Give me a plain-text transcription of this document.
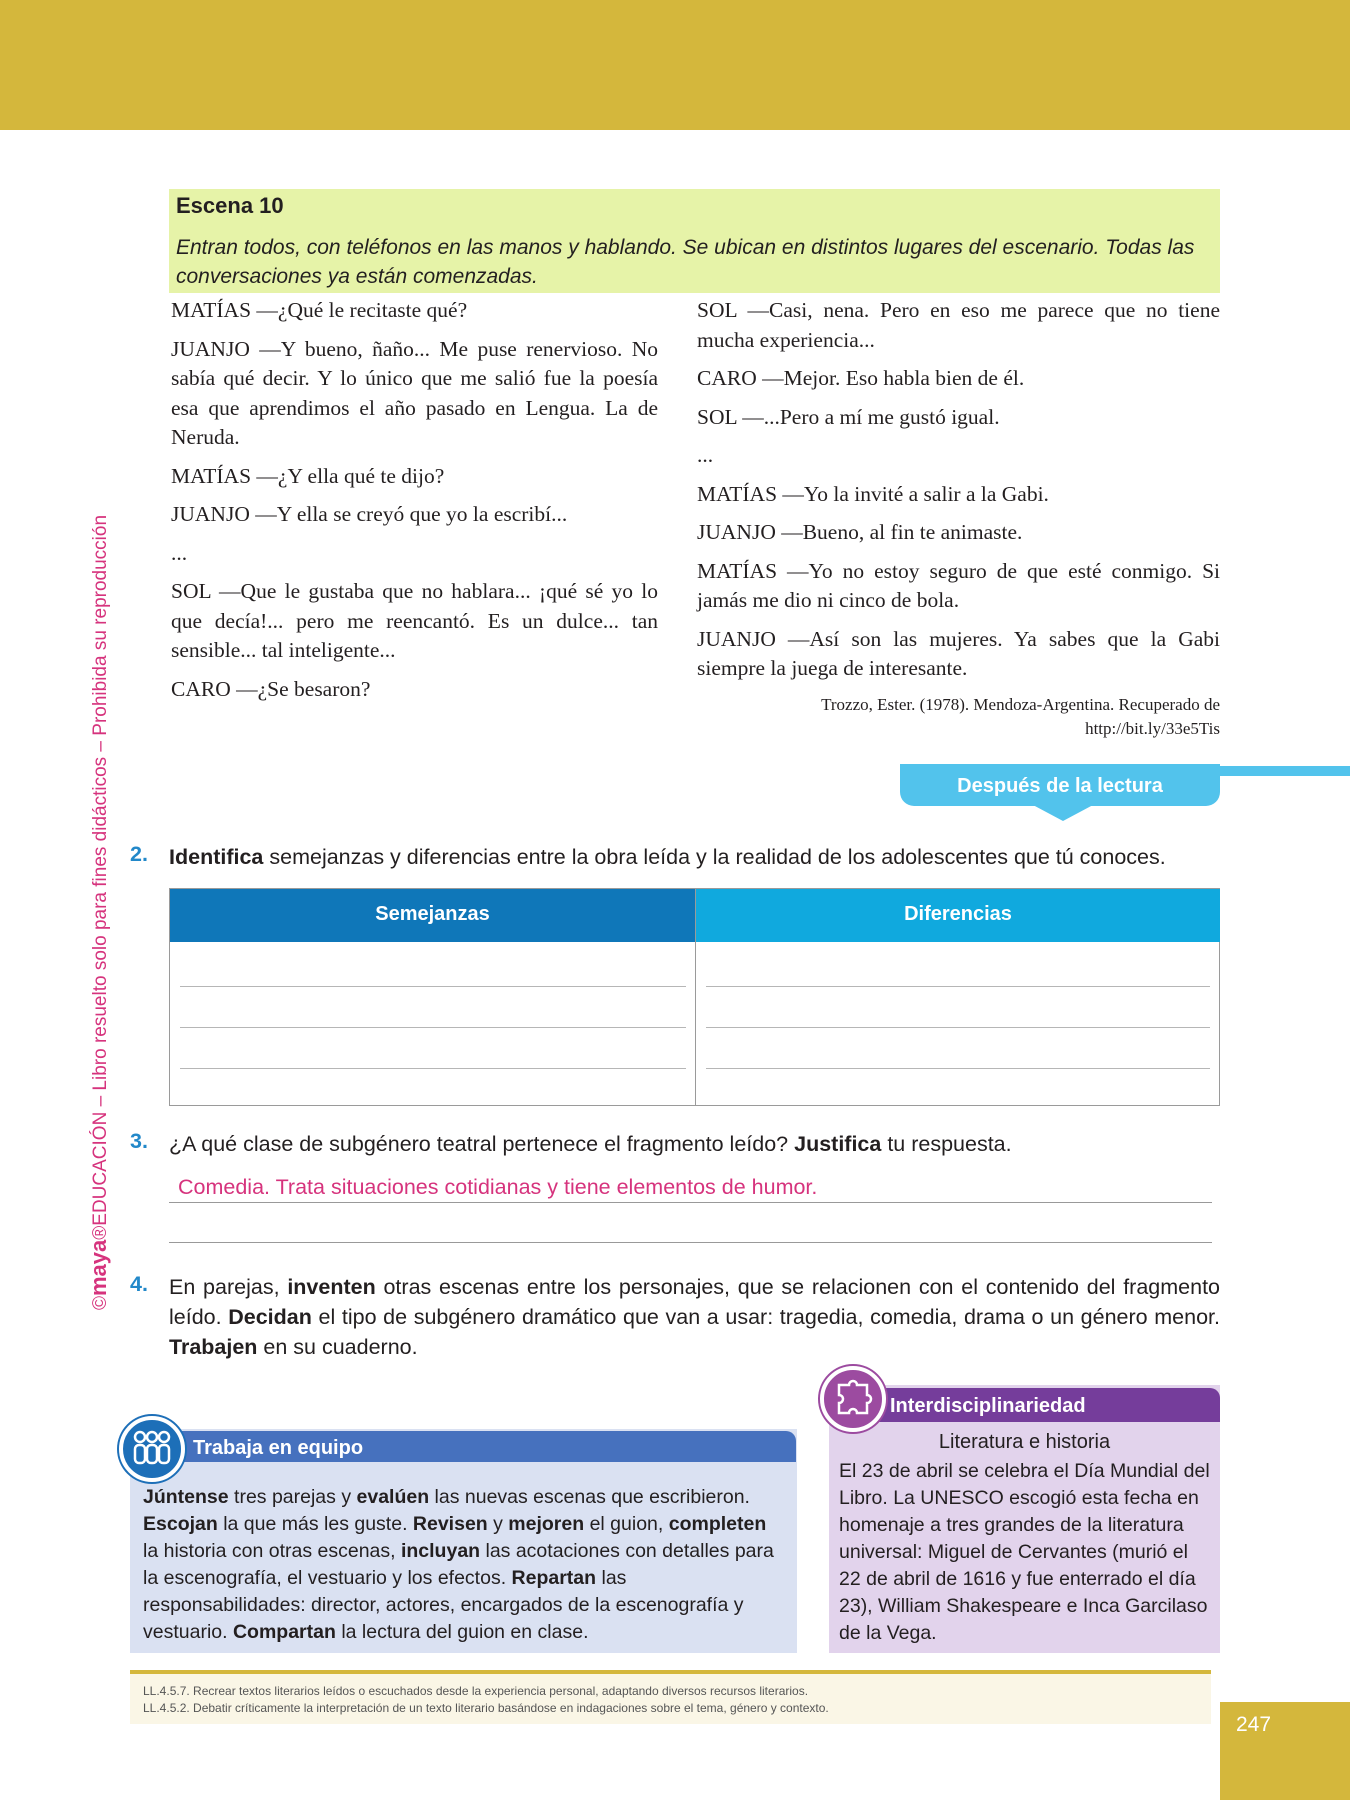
©maya®EDUCACIÓN – Libro resuelto solo para fines didácticos – Prohibida su reproducción
Escena 10
Entran todos, con teléfonos en las manos y hablando. Se ubican en distintos lugares del escenario. Todas las conversaciones ya están comenzadas.

MATÍAS —¿Qué le recitaste qué?

JUANJO —Y bueno, ñaño... Me puse renervioso. No sabía qué decir. Y lo único que me salió fue la poesía esa que aprendimos el año pasado en Lengua. La de Neruda.

MATÍAS —¿Y ella qué te dijo?

JUANJO —Y ella se creyó que yo la escribí...

...

SOL —Que le gustaba que no hablara... ¡qué sé yo lo que decía!... pero me reencantó. Es un dulce... tan sensible... tal inteligente...

CARO —¿Se besaron?

SOL —Casi, nena. Pero en eso me parece que no tiene mucha experiencia...

CARO —Mejor. Eso habla bien de él.

SOL —...Pero a mí me gustó igual.

...

MATÍAS —Yo la invité a salir a la Gabi.

JUANJO —Bueno, al fin te animaste.

MATÍAS —Yo no estoy seguro de que esté conmigo. Si jamás me dio ni cinco de bola.

JUANJO —Así son las mujeres. Ya sabes que la Gabi siempre la juega de interesante.

Trozzo, Ester. (1978). Mendoza-Argentina. Recuperado de
http://bit.ly/33e5Tis
Después de la lectura
2. Identifica semejanzas y diferencias entre la obra leída y la realidad de los adolescentes que tú conoces.
Semejanzas	Diferencias
3. ¿A qué clase de subgénero teatral pertenece el fragmento leído? Justifica tu respuesta.
Comedia. Trata situaciones cotidianas y tiene elementos de humor.
4. En parejas, inventen otras escenas entre los personajes, que se relacionen con el contenido del fragmento leído. Decidan el tipo de subgénero dramático que van a usar: tragedia, comedia, drama o un género menor. Trabajen en su cuaderno.
Trabaja en equipo
Júntense tres parejas y evalúen las nuevas escenas que escribieron. Escojan la que más les guste. Revisen y mejoren el guion, completen la historia con otras escenas, incluyan las acotaciones con detalles para la escenografía, el vestuario y los efectos. Repartan las responsabilidades: director, actores, encargados de la escenografía y vestuario. Compartan la lectura del guion en clase.
Interdisciplinariedad
Literatura e historia
El 23 de abril se celebra el Día Mundial del Libro. La UNESCO escogió esta fecha en homenaje a tres grandes de la literatura universal: Miguel de Cervantes (murió el 22 de abril de 1616 y fue enterrado el día 23), William Shakespeare e Inca Garcilaso de la Vega.
LL.4.5.7. Recrear textos literarios leídos o escuchados desde la experiencia personal, adaptando diversos recursos literarios.
LL.4.5.2. Debatir críticamente la interpretación de un texto literario basándose en indagaciones sobre el tema, género y contexto.
247
